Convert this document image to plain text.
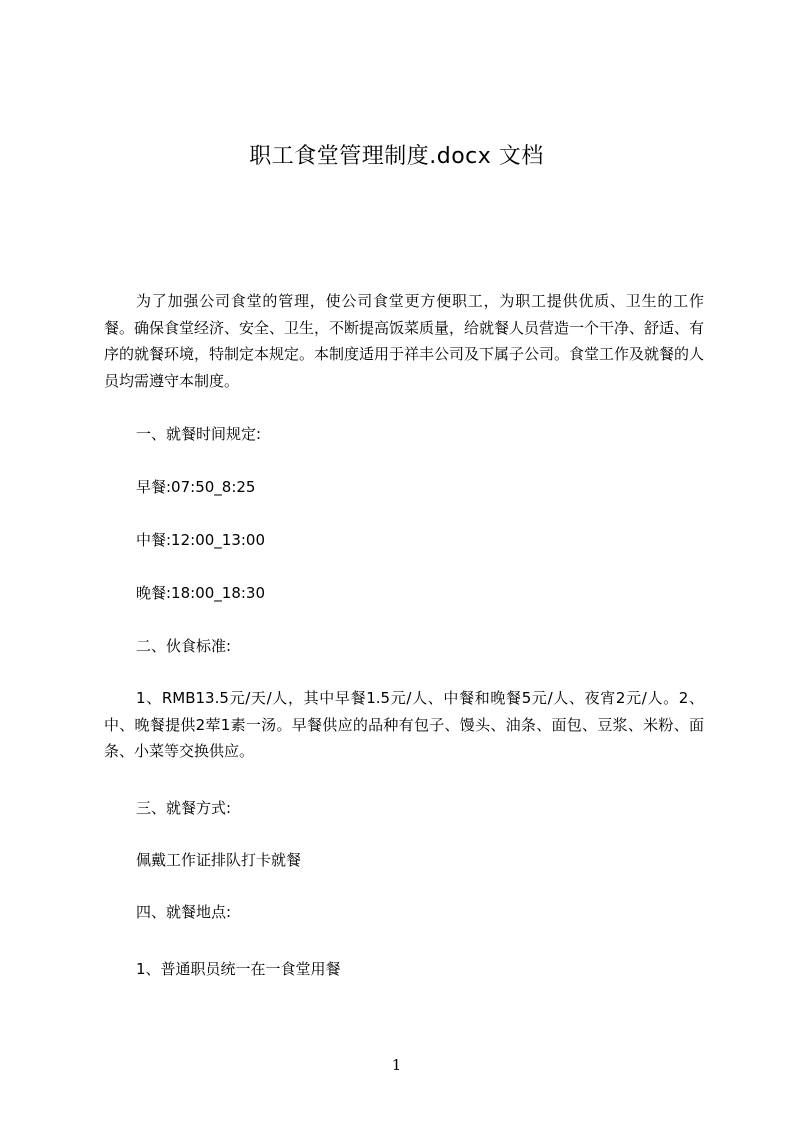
职工食堂管理制度.docx 文档
为了加强公司食堂的管理，使公司食堂更方便职工，为职工提供优质、卫生的工作餐。确保食堂经济、安全、卫生，不断提高饭菜质量，给就餐人员营造一个干净、舒适、有序的就餐环境，特制定本规定。本制度适用于祥丰公司及下属子公司。食堂工作及就餐的人员均需遵守本制度。
一、就餐时间规定:
早餐:07:50_8:25
中餐:12:00_13:00
晚餐:18:00_18:30
二、伙食标准:
1、RMB13.5元/天/人，其中早餐1.5元/人、中餐和晚餐5元/人、夜宵2元/人。2、中、晚餐提供2荤1素一汤。早餐供应的品种有包子、馒头、油条、面包、豆浆、米粉、面条、小菜等交换供应。
三、就餐方式:
佩戴工作证排队打卡就餐
四、就餐地点:
1、普通职员统一在一食堂用餐
1
